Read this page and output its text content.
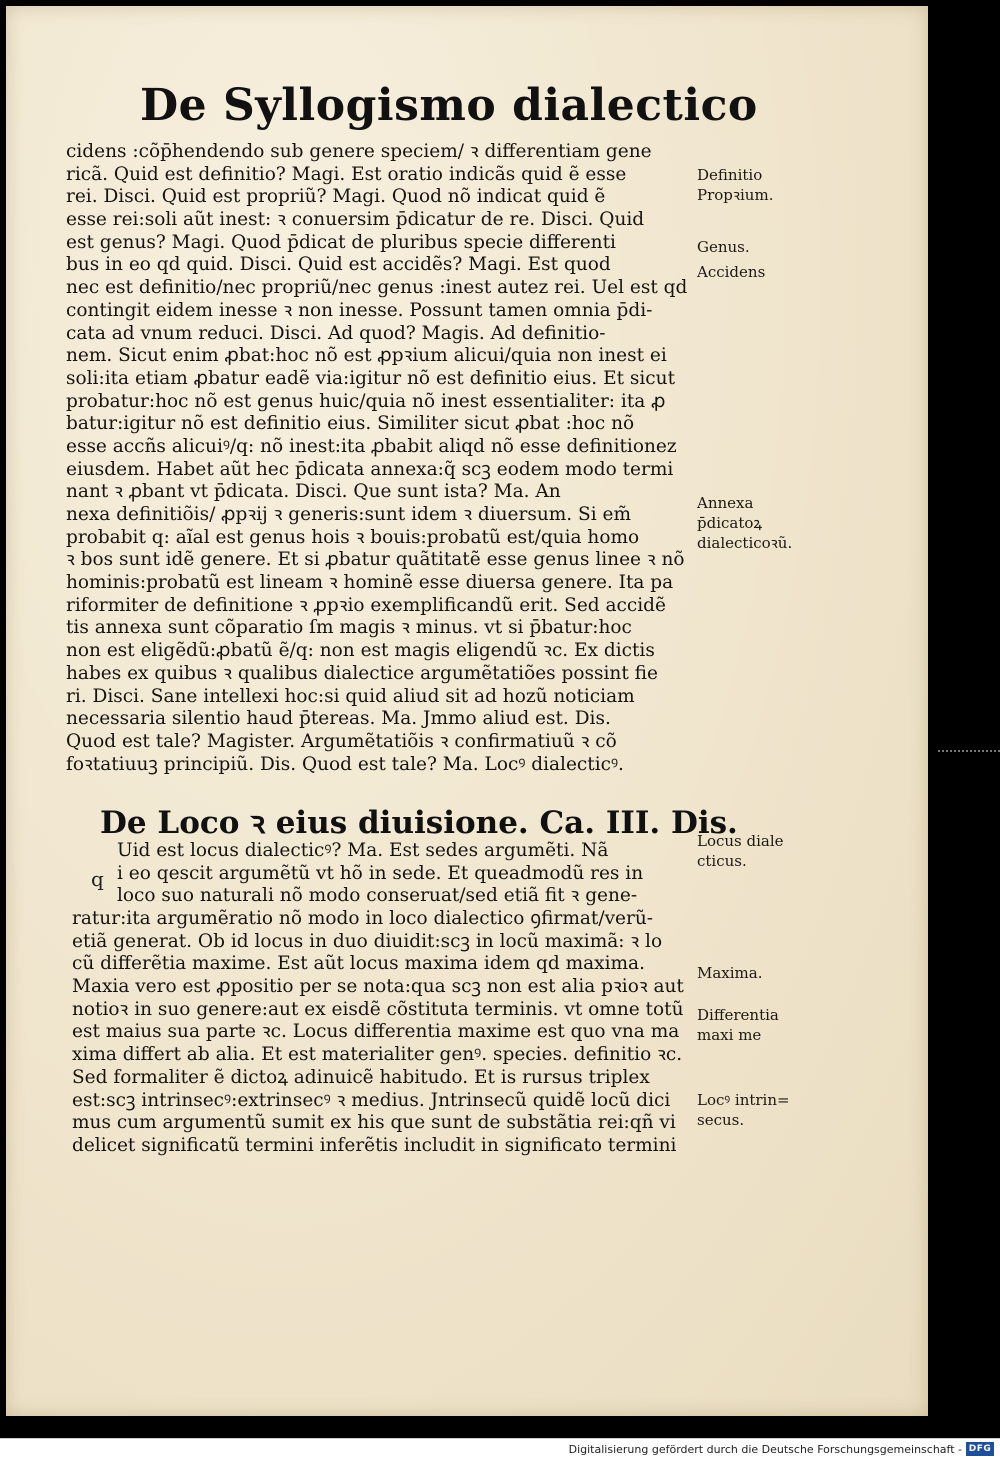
De Syllogismo dialectico
cidens :cõp̄hendendo sub genere speciem/ ꝛ differentiam gene
ricã. Quid est definitio? Magi. Est oratio indicãs quid ẽ esse
rei. Disci. Quid est propriũ? Magi. Quod nõ indicat quid ẽ
esse rei:soli aũt inest: ꝛ conuersim p̄dicatur de re. Disci. Quid
est genus? Magi. Quod p̄dicat̃ de pluribus specie differenti
bus in eo qd̃ quid. Disci. Quid est accidẽs? Magi. Est quod
nec est definitio/nec propriũ/nec genus :inest autez rei. Uel est qd̃
contingit eidem inesse ꝛ non inesse. Possunt tamen omnia p̄di-
cata ad vnum reduci. Disci. Ad quod? Magis. Ad definitio-
nem. Sicut enim ꝓbat̃:hoc nõ est ꝓpꝛium alicui/quia non inest ei
soli:ita etiam ꝓbatur eadẽ via:igitur nõ est definitio eius. Et sicut
probatur:hoc nõ est genus huic/quia nõ inest essentialiter: ita ꝓ
batur:igitur nõ est definitio eius. Similiter sicut ꝓbat̃ :hoc nõ
esse accñs alicuiꝰ/q: nõ inest:ita ꝓbabit̃ aliqd̃ nõ esse definitionez
eiusdem. Habet aũt hec p̄dicata annexa:q̃ scꝫ eodem modo termi
nant̃ ꝛ ꝓbant̃ vt p̄dicata. Disci. Que sunt ista? Ma. An
nexa definitiõis/ ꝓpꝛij ꝛ generis:sunt idem ꝛ diuersum. Si em̃
probabit̃ q: aĩal est genus hois ꝛ bouis:probatũ est/quia homo
ꝛ bos sunt idẽ genere. Et si ꝓbatur quãtitatẽ esse genus linee ꝛ nõ
hominis:probatũ est lineam ꝛ hominẽ esse diuersa genere. Ita pa
riformiter de definitione ꝛ ꝓpꝛio exemplificandũ erit. Sed accidẽ
tis annexa sunt cõparatio ſm magis ꝛ minus. vt si p̄batur:hoc
non est eligẽdũ:ꝓbatũ ẽ/q: non est magis eligendũ ꝛc. Ex dictis
habes ex quibus ꝛ qualibus dialectice argumẽtatiões possint fie
ri. Disci. Sane intellexi hoc:si quid aliud sit ad hozũ noticiam
necessaria silentio haud p̄tereas. Ma. Jmmo aliud est. Dis.
Quod est tale? Magister. Argumẽtatiõis ꝛ confirmatiuũ ꝛ cõ
foꝛtatiuuꝫ principiũ. Dis. Quod est tale? Ma. Locꝰ dialecticꝰ.
De Loco ꝛ eius diuisione. Ca. III. Dis.
q
Uid est locus dialecticꝰ? Ma. Est sedes argumẽti. Nã
i eo qescit argumẽtũ vt hõ in sede. Et queadmodũ res in
loco suo naturali nõ modo conseruat̃/sed etiã fit ꝛ gene-
ratur:ita argumẽratio nõ modo in loco dialectico ꝯfirmat̃/verũ-
etiã generat̃. Ob id locus in duo diuidit̃:scꝫ in locũ maximã: ꝛ lo
cũ differẽtia maxime. Est aũt locus maxima idem qd̃ maxima.
Maxia vero est ꝓpositio per se nota:qua scꝫ non est alia pꝛioꝛ aut
notioꝛ in suo genere:aut ex eisdẽ cõstituta terminis. vt omne totũ
est maius sua parte ꝛc. Locus differentia maxime est quo vna ma
xima differt ab alia. Et est materialiter genꝰ. species. definitio ꝛc.
Sed formaliter ẽ dictoꝝ adinuicẽ habitudo. Et is rursus triplex
est:scꝫ intrinsecꝰ:extrinsecꝰ ꝛ medius. Jntrinsecũ quidẽ locũ dici
mus cum argumentũ sumit̃ ex his que sunt de substãtia rei:qñ vi
delicet significatũ termini inferẽtis includit̃ in significato termini
Definitio
Propꝛium.
Genus.
Accidens
Annexa
p̄dicatoꝝ
dialecticoꝛũ.
Locus diale
cticus.
Maxima.
Differentia
maxi me
Locꝰ intrin=
secus.
Digitalisierung gefördert durch die Deutsche Forschungsgemeinschaft - DFG
